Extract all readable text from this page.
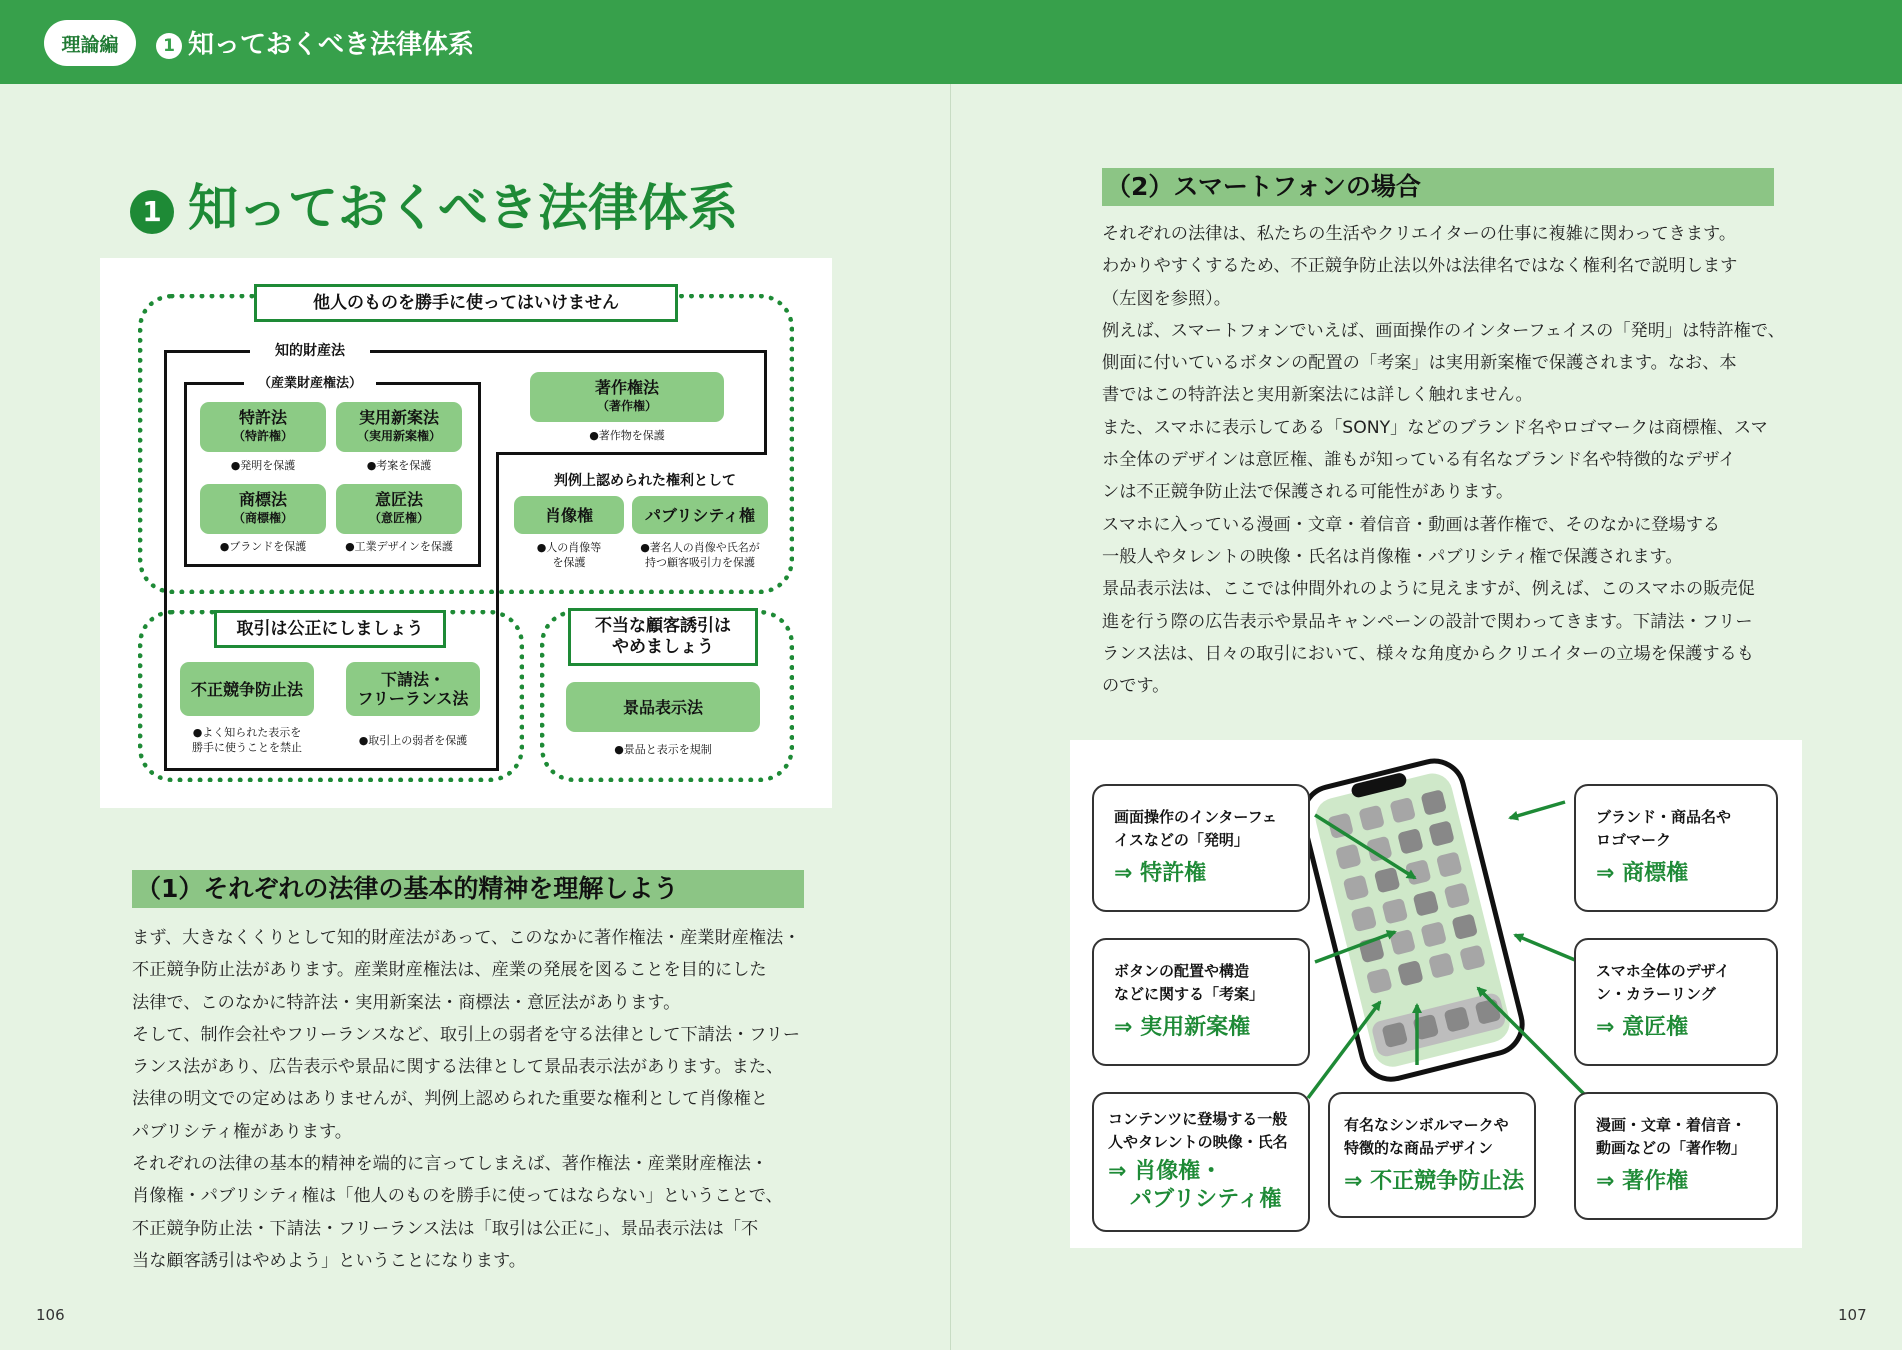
理論編	1 知っておくべき法律体系
1 知っておくべき法律体系
他人のものを勝手に使ってはいけません
知的財産法
（産業財産権法）
特許法
（特許権）
●発明を保護
実用新案法
（実用新案権）
●考案を保護
商標法
（商標権）
●ブランドを保護
意匠法
（意匠権）
●工業デザインを保護
著作権法
（著作権）
●著作物を保護
判例上認められた権利として
肖像権
●人の肖像等
を保護
パブリシティ権
●著名人の肖像や氏名が
持つ顧客吸引力を保護
取引は公正にしましょう	不当な顧客誘引は
やめましょう
不正競争防止法
●よく知られた表示を
勝手に使うことを禁止
下請法・
フリーランス法
●取引上の弱者を保護
景品表示法
●景品と表示を規制
（1）それぞれの法律の基本的精神を理解しよう

まず、大きなくくりとして知的財産法があって、このなかに著作権法・産業財産権法・

不正競争防止法があります。産業財産権法は、産業の発展を図ることを目的にした

法律で、このなかに特許法・実用新案法・商標法・意匠法があります。

そして、制作会社やフリーランスなど、取引上の弱者を守る法律として下請法・フリー

ランス法があり、広告表示や景品に関する法律として景品表示法があります。また、

法律の明文での定めはありませんが、判例上認められた重要な権利として肖像権と

パブリシティ権があります。

それぞれの法律の基本的精神を端的に言ってしまえば、著作権法・産業財産権法・

肖像権・パブリシティ権は「他人のものを勝手に使ってはならない」ということで、

不正競争防止法・下請法・フリーランス法は「取引は公正に」、景品表示法は「不

当な顧客誘引はやめよう」ということになります。

（2）スマートフォンの場合

それぞれの法律は、私たちの生活やクリエイターの仕事に複雑に関わってきます。

わかりやすくするため、不正競争防止法以外は法律名ではなく権利名で説明します

（左図を参照）。

例えば、スマートフォンでいえば、画面操作のインターフェイスの「発明」は特許権で、

側面に付いているボタンの配置の「考案」は実用新案権で保護されます。なお、本

書ではこの特許法と実用新案法には詳しく触れません。

また、スマホに表示してある「SONY」などのブランド名やロゴマークは商標権、スマ

ホ全体のデザインは意匠権、誰もが知っている有名なブランド名や特徴的なデザイ

ンは不正競争防止法で保護される可能性があります。

スマホに入っている漫画・文章・着信音・動画は著作権で、そのなかに登場する

一般人やタレントの映像・氏名は肖像権・パブリシティ権で保護されます。

景品表示法は、ここでは仲間外れのように見えますが、例えば、このスマホの販売促

進を行う際の広告表示や景品キャンペーンの設計で関わってきます。下請法・フリー

ランス法は、日々の取引において、様々な角度からクリエイターの立場を保護するも

のです。

画面操作のインターフェ
イスなどの「発明」
⇒ 特許権
ボタンの配置や構造
などに関する「考案」
⇒ 実用新案権
コンテンツに登場する一般
人やタレントの映像・氏名
⇒ 肖像権・
パブリシティ権
有名なシンボルマークや
特徴的な商品デザイン
⇒ 不正競争防止法
ブランド・商品名や
ロゴマーク
⇒ 商標権
スマホ全体のデザイ
ン・カラーリング
⇒ 意匠権
漫画・文章・着信音・
動画などの「著作物」
⇒ 著作権
106	107
